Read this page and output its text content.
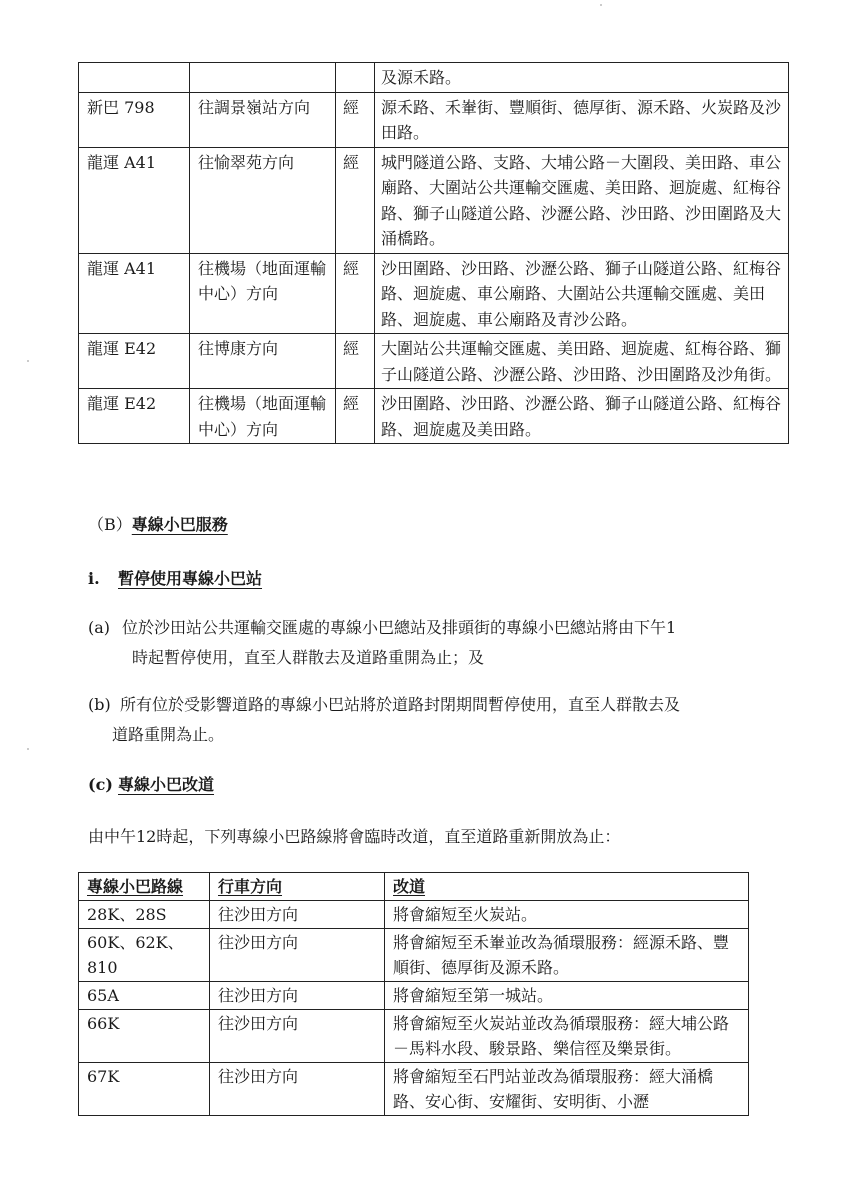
			及源禾路。
新巴 798	往調景嶺站方向	經	源禾路、禾輋街、豐順街、德厚街、源禾路、火炭路及沙田路。
龍運 A41	往愉翠苑方向	經	城門隧道公路、支路、大埔公路－大圍段、美田路、車公廟路、大圍站公共運輸交匯處、美田路、迴旋處、紅梅谷路、獅子山隧道公路、沙瀝公路、沙田路、沙田圍路及大涌橋路。
龍運 A41	往機場（地面運輸中心）方向	經	沙田圍路、沙田路、沙瀝公路、獅子山隧道公路、紅梅谷路、迴旋處、車公廟路、大圍站公共運輸交匯處、美田路、迴旋處、車公廟路及青沙公路。
龍運 E42	往博康方向	經	大圍站公共運輸交匯處、美田路、迴旋處、紅梅谷路、獅子山隧道公路、沙瀝公路、沙田路、沙田圍路及沙角街。
龍運 E42	往機場（地面運輸中心）方向	經	沙田圍路、沙田路、沙瀝公路、獅子山隧道公路、紅梅谷路、迴旋處及美田路。
（B）專線小巴服務
i. 暫停使用專線小巴站
(a) 位於沙田站公共運輸交匯處的專線小巴總站及排頭街的專線小巴總站將由下午1
時起暫停使用，直至人群散去及道路重開為止；及
(b) 所有位於受影響道路的專線小巴站將於道路封閉期間暫停使用，直至人群散去及
道路重開為止。
(c) 專線小巴改道
由中午12時起，下列專線小巴路線將會臨時改道，直至道路重新開放為止：
專線小巴路線	行車方向	改道
28K、28S	往沙田方向	將會縮短至火炭站。
60K、62K、810	往沙田方向	將會縮短至禾輋並改為循環服務：經源禾路、豐順街、德厚街及源禾路。
65A	往沙田方向	將會縮短至第一城站。
66K	往沙田方向	將會縮短至火炭站並改為循環服務：經大埔公路－馬料水段、駿景路、樂信徑及樂景街。
67K	往沙田方向	將會縮短至石門站並改為循環服務：經大涌橋路、安心街、安耀街、安明街、小瀝
